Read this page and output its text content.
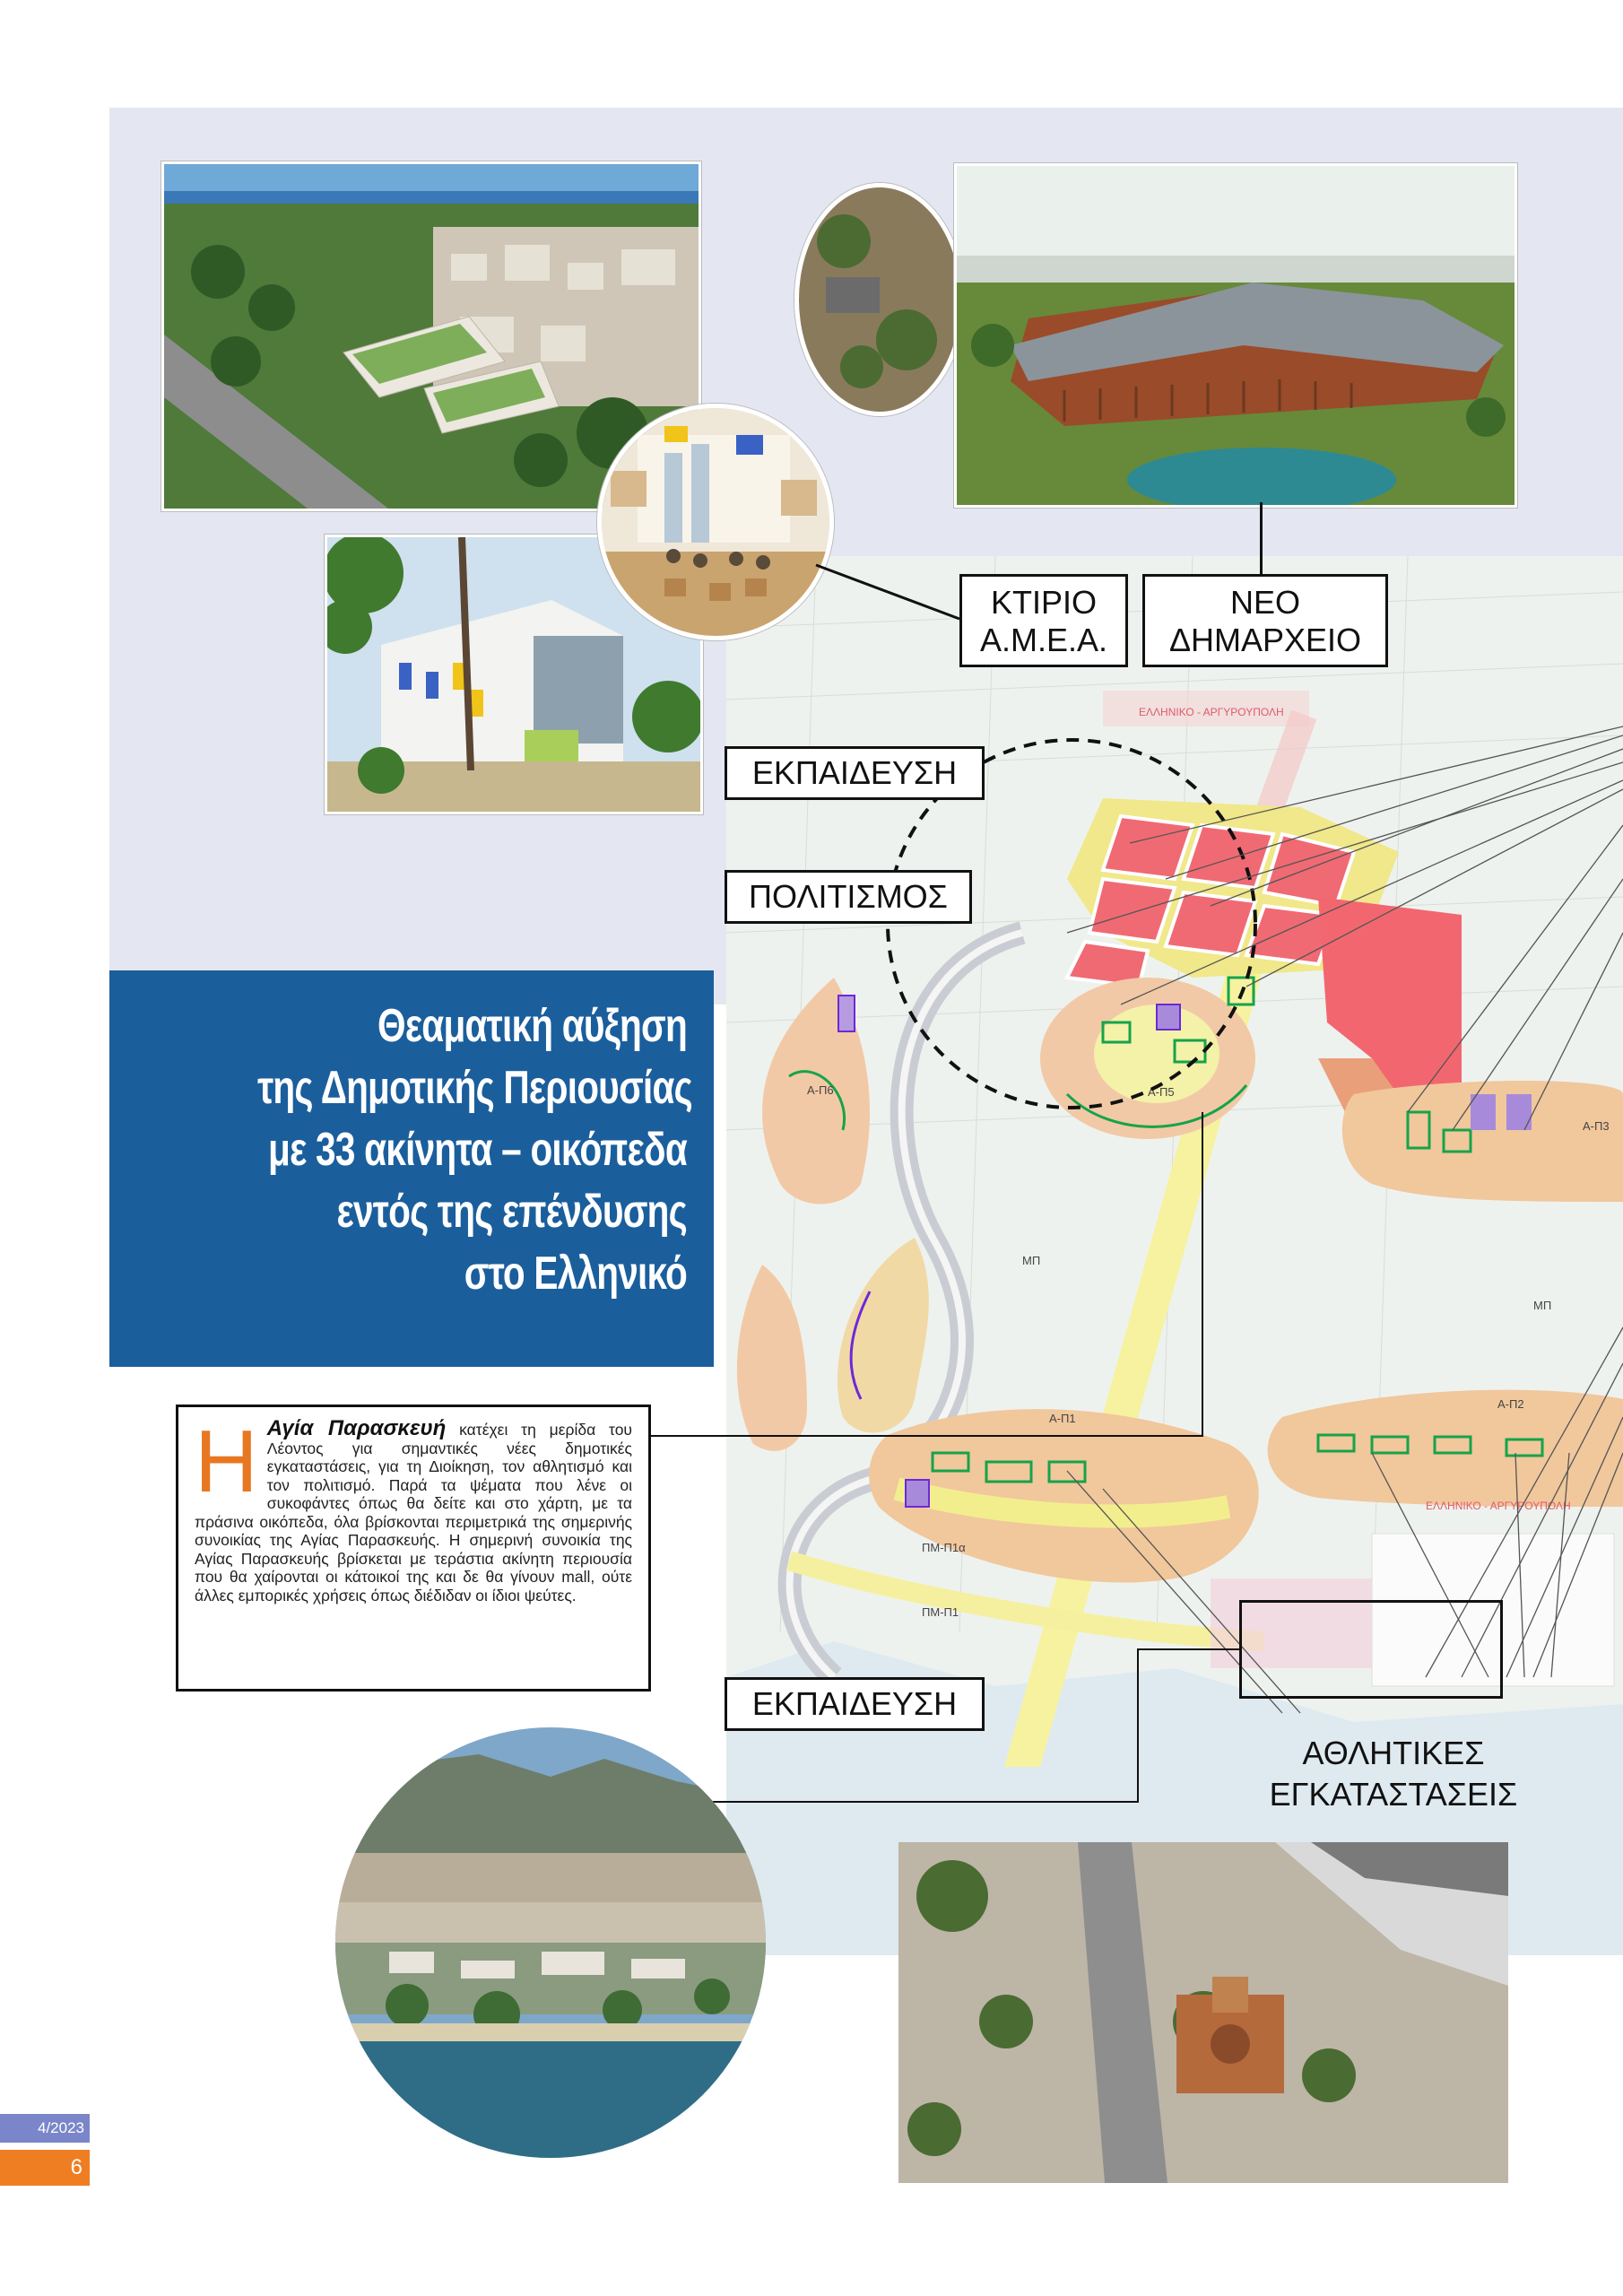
Α-Π5
Α-Π6
Α-Π1
Α-Π2
Α-Π3
ΜΠ
ΜΠ
ΠΜ-Π1α
ΠΜ-Π1
ΕΛΛΗΝΙΚΟ - ΑΡΓΥΡΟΥΠΟΛΗ
ΕΛΛΗΝΙΚΟ - ΑΡΓΥΡΟΥΠΟΛΗ
ΚΤΙΡΙΟ
Α.Μ.Ε.Α.
ΝΕΟ
ΔΗΜΑΡΧΕΙΟ
ΕΚΠΑΙΔΕΥΣΗ
ΠΟΛΙΤΙΣΜΟΣ
ΕΚΠΑΙΔΕΥΣΗ
ΑΘΛΗΤΙΚΕΣ
ΕΓΚΑΤΑΣΤΑΣΕΙΣ
Θεαματική αύξηση
της Δημοτικής Περιουσίας
με 33 ακίνητα – οικόπεδα
εντός της επένδυσης
στο Ελληνικό
Η Αγία Παρασκευή κατέχει τη μερίδα του Λέοντος για σημαντικές νέες δημοτικές εγκαταστάσεις, για τη Διοίκηση, τον αθλητισμό και τον πολιτισμό. Παρά τα ψέματα που λένε οι συκοφάντες όπως θα δείτε και στο χάρτη, με τα πράσινα οικόπεδα, όλα βρίσκονται περιμετρικά της σημερινής συνοικίας της Αγίας Παρασκευής. Η σημερινή συνοικία της Αγίας Παρασκευής βρίσκεται με τεράστια ακίνητη περιουσία που θα χαίρονται οι κάτοικοί της και δε θα γίνουν mall, ούτε άλλες εμπορικές χρήσεις όπως διέδιδαν οι ίδιοι ψεύτες.
4/2023
6
